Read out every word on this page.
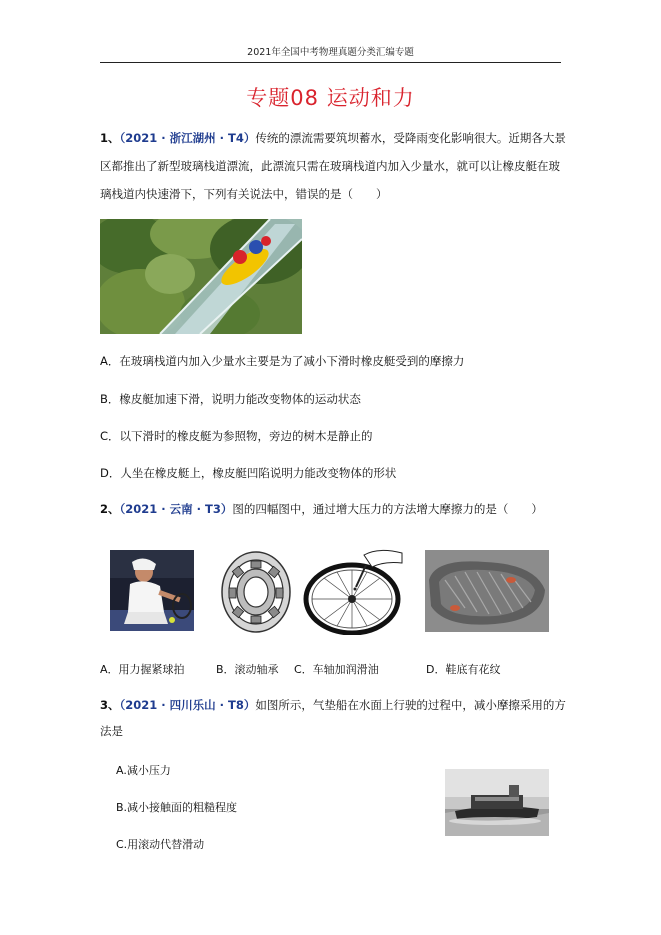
2021年全国中考物理真题分类汇编专题
专题08 运动和力
1、（2021 · 浙江湖州 · T4）传统的漂流需要筑坝蓄水，受降雨变化影响很大。近期各大景
区都推出了新型玻璃栈道漂流，此漂流只需在玻璃栈道内加入少量水，就可以让橡皮艇在玻
璃栈道内快速滑下，下列有关说法中，错误的是（　　）
A．在玻璃栈道内加入少量水主要是为了减小下滑时橡皮艇受到的摩擦力
B．橡皮艇加速下滑，说明力能改变物体的运动状态
C．以下滑时的橡皮艇为参照物，旁边的树木是静止的
D．人坐在橡皮艇上，橡皮艇凹陷说明力能改变物体的形状
2、（2021 · 云南 · T3）图的四幅图中，通过增大压力的方法增大摩擦力的是（　　）
A．用力握紧球拍	B．滚动轴承 C．车轴加润滑油	D．鞋底有花纹
3、（2021 · 四川乐山 · T8）如图所示，气垫船在水面上行驶的过程中，减小摩擦采用的方
法是
A.减小压力
B.减小接触面的粗糙程度
C.用滚动代替滑动
